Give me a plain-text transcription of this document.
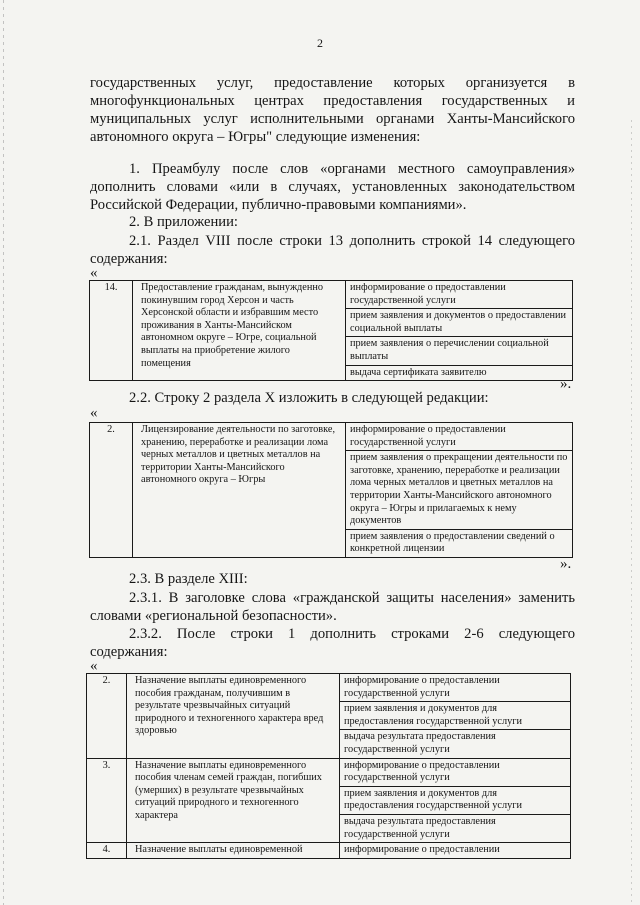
2
государственных услуг, предоставление которых организуется в
многофункциональных центрах предоставления государственных и
муниципальных услуг исполнительными органами Ханты-Мансийского
автономного округа – Югры" следующие изменения:
1. Преамбулу после слов «органами местного самоуправления»
дополнить словами «или в случаях, установленных законодательством
Российской Федерации, публично-правовыми компаниями».
2. В приложении:
2.1. Раздел VIII после строки 13 дополнить строкой 14 следующего
содержания:
«
14.	Предоставление гражданам, вынужденно покинувшим город Херсон и часть Херсонской области и избравшим место проживания в Ханты-Мансийском автономном округе – Югре, социальной выплаты на приобретение жилого помещения	информирование о предоставлении государственной услуги
прием заявления и документов о предоставлении социальной выплаты
прием заявления о перечислении социальной выплаты
выдача сертификата заявителю
».
2.2. Строку 2 раздела X изложить в следующей редакции:
«
2.	Лицензирование деятельности по заготовке, хранению, переработке и реализации лома черных металлов и цветных металлов на территории Ханты-Мансийского автономного округа – Югры	информирование о предоставлении государственной услуги
прием заявления о прекращении деятельности по заготовке, хранению, переработке и реализации лома черных металлов и цветных металлов на территории Ханты-Мансийского автономного округа – Югры и прилагаемых к нему документов
прием заявления о предоставлении сведений о конкретной лицензии
».
2.3. В разделе XIII:
2.3.1. В заголовке слова «гражданской защиты населения» заменить
словами «региональной безопасности».
2.3.2. После строки 1 дополнить строками 2-6 следующего
содержания:
«
2.	Назначение выплаты единовременного пособия гражданам, получившим в результате чрезвычайных ситуаций природного и техногенного характера вред здоровью	информирование о предоставлении государственной услуги
		прием заявления и документов для предоставления государственной услуги
		выдача результата предоставления государственной услуги
3.	Назначение выплаты единовременного пособия членам семей граждан, погибших (умерших) в результате чрезвычайных ситуаций природного и техногенного характера	информирование о предоставлении государственной услуги
		прием заявления и документов для предоставления государственной услуги
		выдача результата предоставления государственной услуги
4.	Назначение выплаты единовременной	информирование о предоставлении
